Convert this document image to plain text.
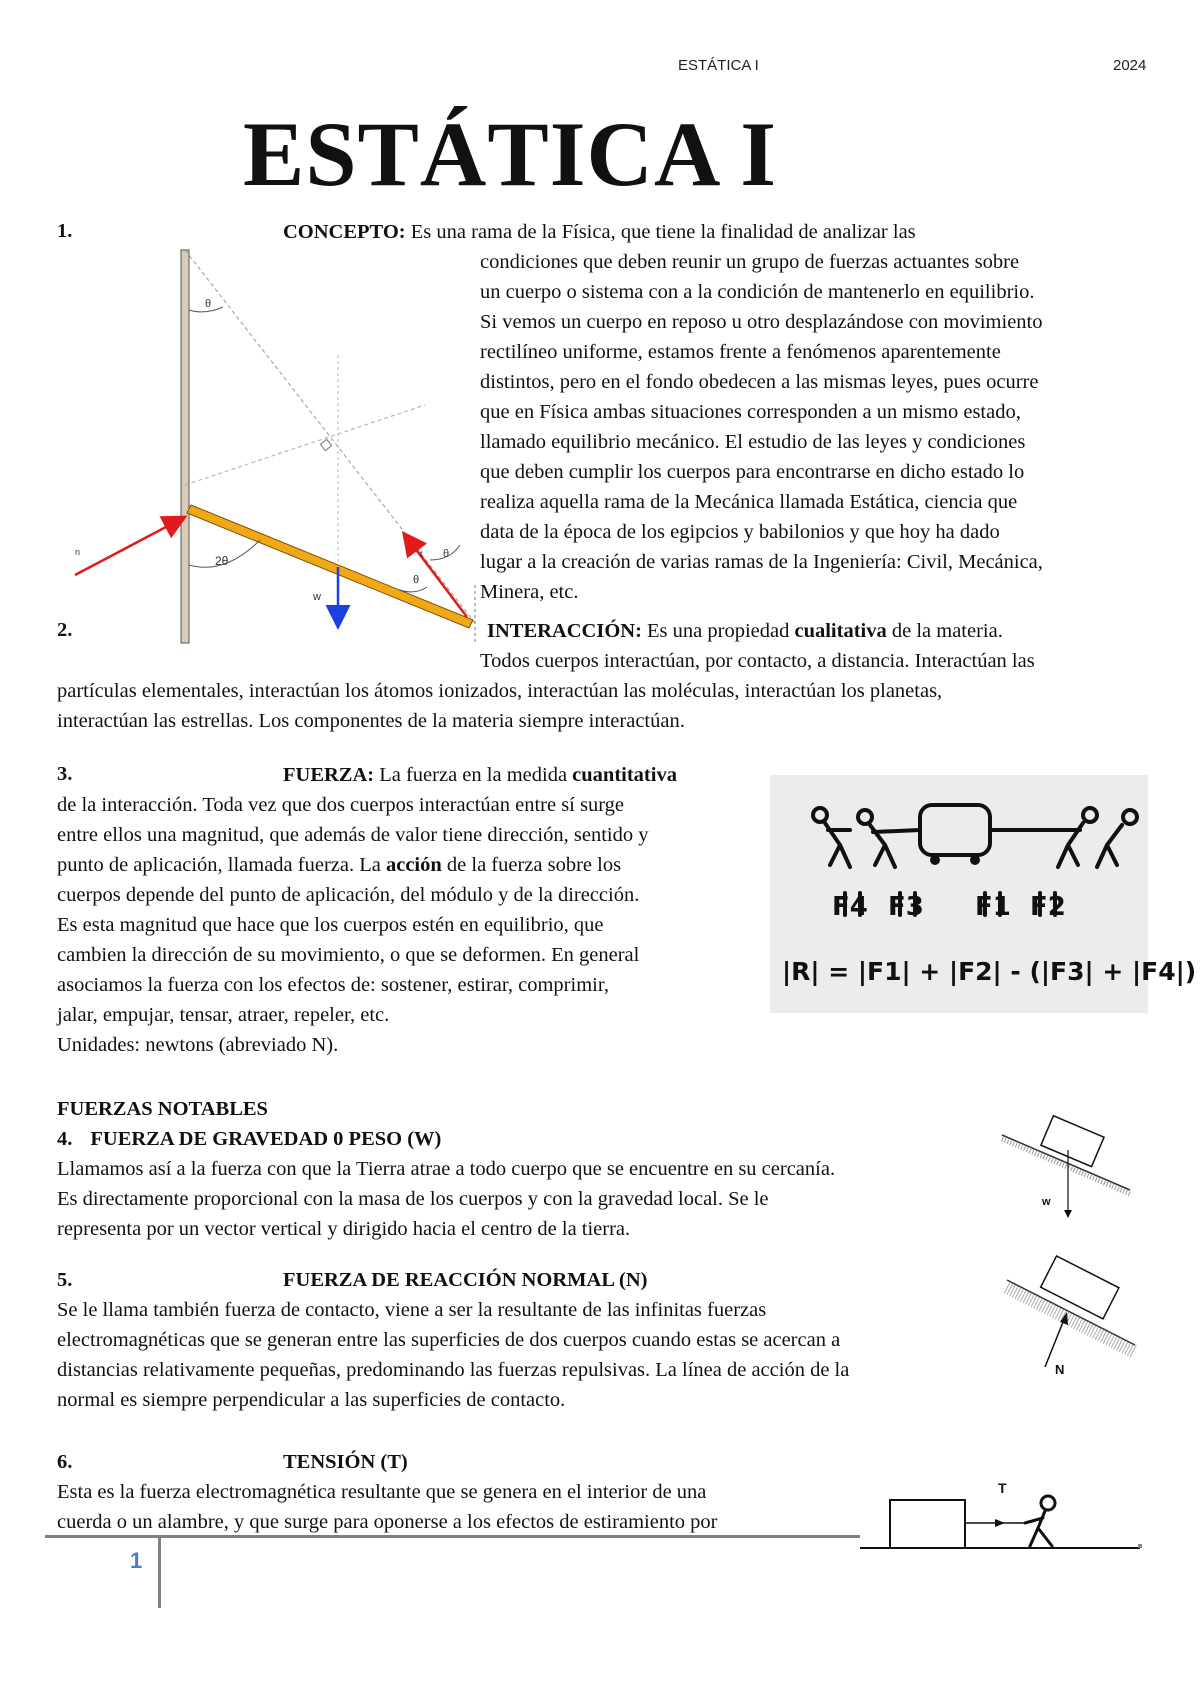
ESTÁTICA I	2024
ESTÁTICA I
θ
2θ
θ
θ
w
n	t
1.	CONCEPTO: Es una rama de la Física, que tiene la finalidad de analizar las
condiciones que deben reunir un grupo de fuerzas actuantes sobre
un cuerpo o sistema con a la condición de mantenerlo en equilibrio.
Si vemos un cuerpo en reposo u otro desplazándose con movimiento
rectilíneo uniforme, estamos frente a fenómenos aparentemente
distintos, pero en el fondo obedecen a las mismas leyes, pues ocurre
que en Física ambas situaciones corresponden a un mismo estado,
llamado equilibrio mecánico. El estudio de las leyes y condiciones
que deben cumplir los cuerpos para encontrarse en dicho estado lo
realiza aquella rama de la Mecánica llamada Estática, ciencia que
data de la época de los egipcios y babilonios y que hoy ha dado
lugar a la creación de varias ramas de la Ingeniería: Civil, Mecánica,
Minera, etc.
2.	INTERACCIÓN: Es una propiedad cualitativa de la materia.
Todos cuerpos interactúan, por contacto, a distancia. Interactúan las
partículas elementales, interactúan los átomos ionizados, interactúan las moléculas, interactúan los planetas,
interactúan las estrellas. Los componentes de la materia siempre interactúan.
3.	FUERZA: La fuerza en la medida cuantitativa
de la interacción. Toda vez que dos cuerpos interactúan entre sí surge
entre ellos una magnitud, que además de valor tiene dirección, sentido y
punto de aplicación, llamada fuerza. La acción de la fuerza sobre los
cuerpos depende del punto de aplicación, del módulo y de la dirección.
Es esta magnitud que hace que los cuerpos estén en equilibrio, que
cambien la dirección de su movimiento, o que se deformen. En general
asociamos la fuerza con los efectos de: sostener, estirar, comprimir,
jalar, empujar, tensar, atraer, repeler, etc.
Unidades: newtons (abreviado N).
F4 F3 F1 F2
|R| = |F1| + |F2| - (|F3| + |F4|)
FUERZAS NOTABLES
4. FUERZA DE GRAVEDAD 0 PESO (W)
Llamamos así a la fuerza con que la Tierra atrae a todo cuerpo que se encuentre en su cercanía.
Es directamente proporcional con la masa de los cuerpos y con la gravedad local. Se le
representa por un vector vertical y dirigido hacia el centro de la tierra.
w
5.	FUERZA DE REACCIÓN NORMAL (N)
Se le llama también fuerza de contacto, viene a ser la resultante de las infinitas fuerzas
electromagnéticas que se generan entre las superficies de dos cuerpos cuando estas se acercan a
distancias relativamente pequeñas, predominando las fuerzas repulsivas. La línea de acción de la
normal es siempre perpendicular a las superficies de contacto.
N
6.	TENSIÓN (T)
Esta es la fuerza electromagnética resultante que se genera en el interior de una
cuerda o un alambre, y que surge para oponerse a los efectos de estiramiento por
T
1
